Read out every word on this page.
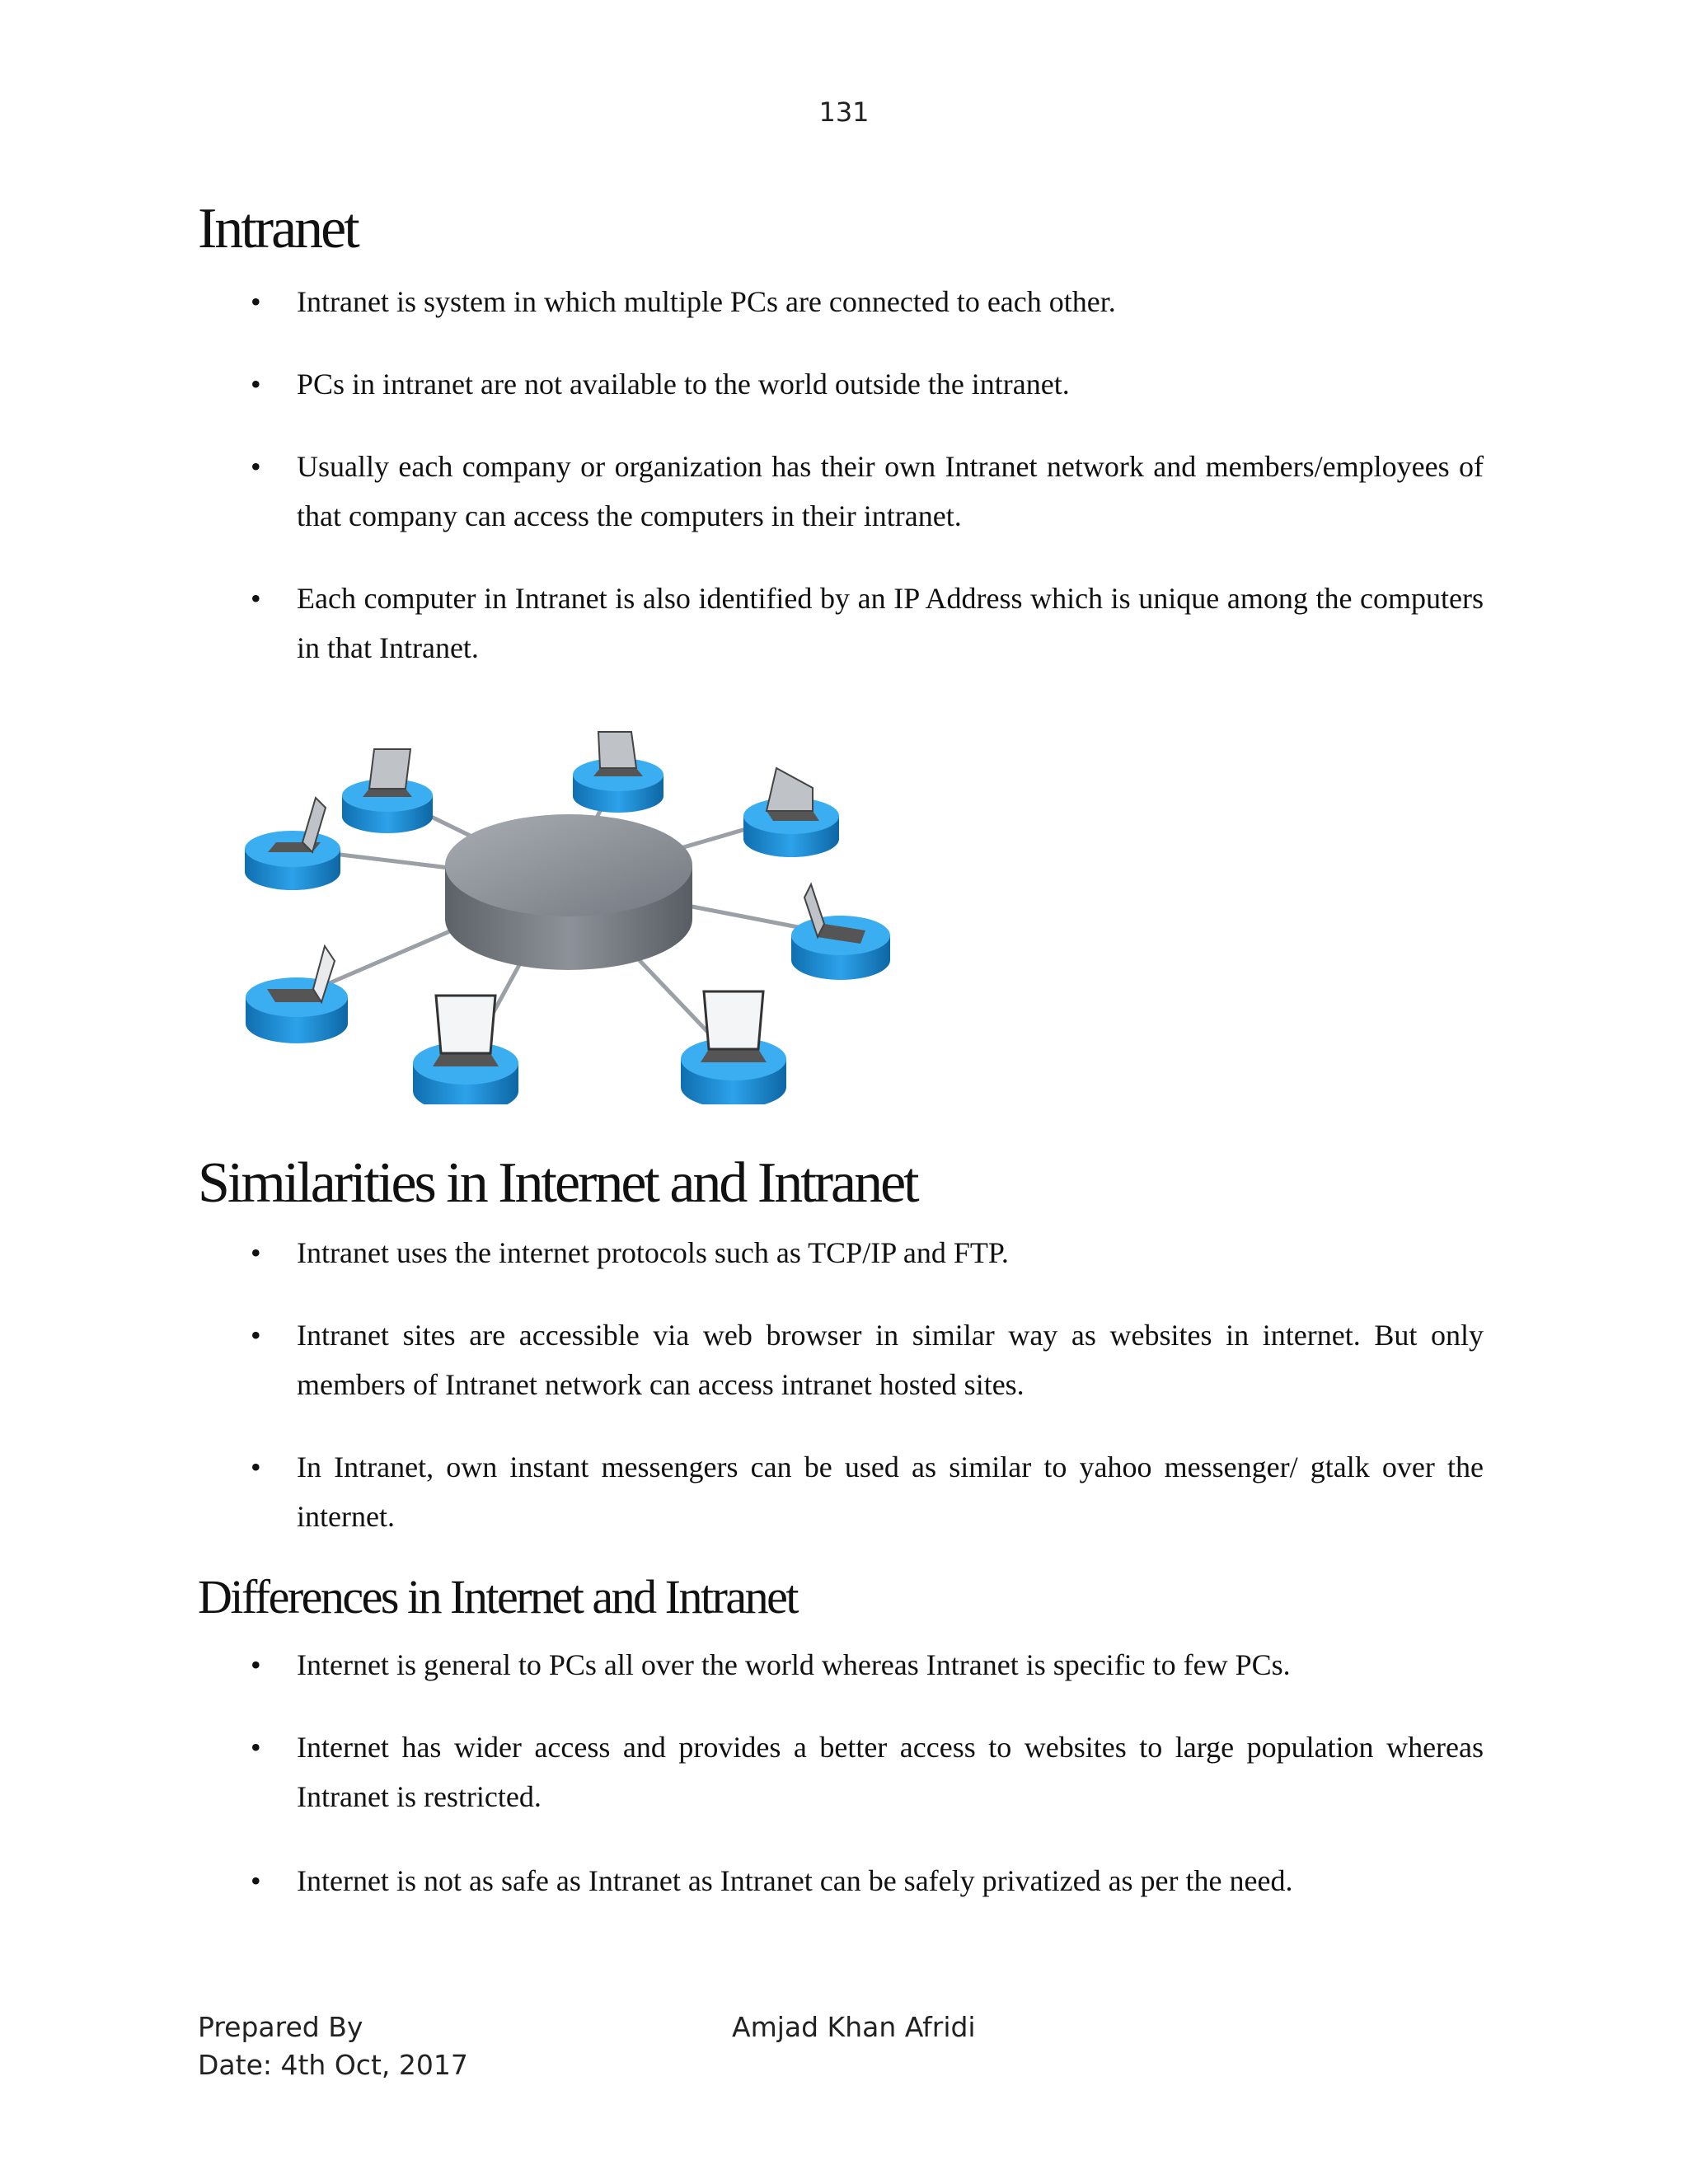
131
Intranet
•	Intranet is system in which multiple PCs are connected to each other.
•	PCs in intranet are not available to the world outside the intranet.
•	Usually each company or organization has their own Intranet network and members/employees of that company can access the computers in their intranet.
•	Each computer in Intranet is also identified by an IP Address which is unique among the computers in that Intranet.
Similarities in Internet and Intranet
•	Intranet uses the internet protocols such as TCP/IP and FTP.
•	Intranet sites are accessible via web browser in similar way as websites in internet. But only members of Intranet network can access intranet hosted sites.
•	In Intranet, own instant messengers can be used as similar to yahoo messenger/ gtalk over the internet.
Differences in Internet and Intranet
•	Internet is general to PCs all over the world whereas Intranet is specific to few PCs.
•	Internet has wider access and provides a better access to websites to large population whereas Intranet is restricted.
•	Internet is not as safe as Intranet as Intranet can be safely privatized as per the need.
Prepared By	Amjad Khan Afridi
Date: 4th Oct, 2017
